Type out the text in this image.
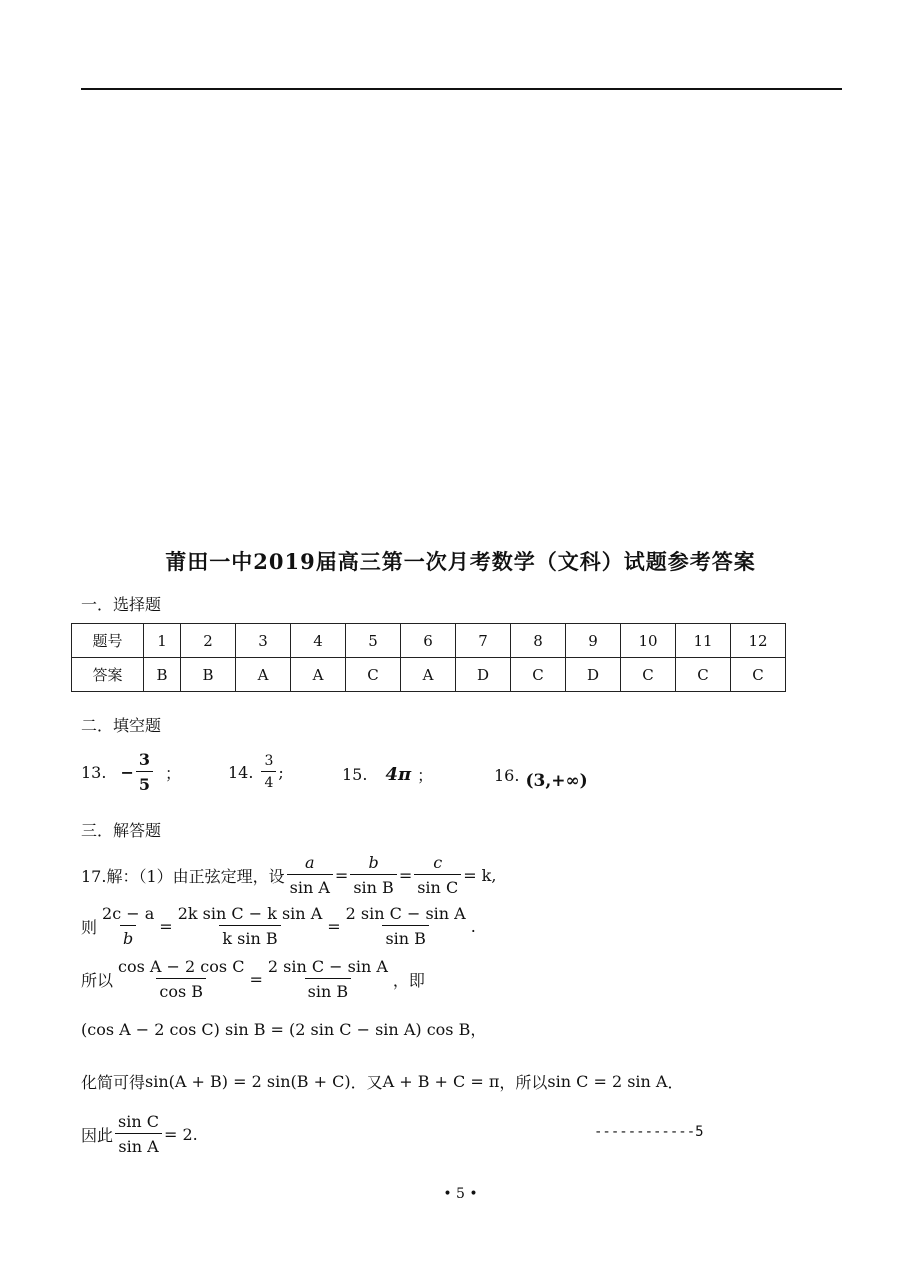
莆田一中2019届高三第一次月考数学（文科）试题参考答案
一．选择题
题号	1	2	3	4	5	6	7	8	9	10	11	12
答案	B	B	A	A	C	A	D	C	D	C	C	C
二．填空题
13. − $\frac{3}{5}$ ；	14. $\frac{3}{4}$ ;	15. 4π ；	16. (3,+∞)
三．解答题
17.解：（1）由正弦定理，设 $\frac{a}{\text{sin A}} = \frac{b}{\text{sin B}} = \frac{c}{\text{sin C}} = k$,
则 $\frac{2c - a}{b} = \frac{\text{2k sin C − k sin A}}{\text{k sin B}} = \frac{\text{2 sin C − sin A}}{\text{sin B}}$ .
所以 $\frac{\text{cos A − 2 cos C}}{\text{cos B}} = \frac{\text{2 sin C − sin A}}{\text{sin B}}$ ，即
(cos A − 2 cos C) sin B = (2 sin C − sin A) cos B，
化简可得 sin(A + B) = 2 sin(B + C) ．又 A + B + C = π ，所以 sin C = 2 sin A ．
因此 $\frac{\text{sin C}}{\text{sin A}} = 2$.	------------5
• 5 •
